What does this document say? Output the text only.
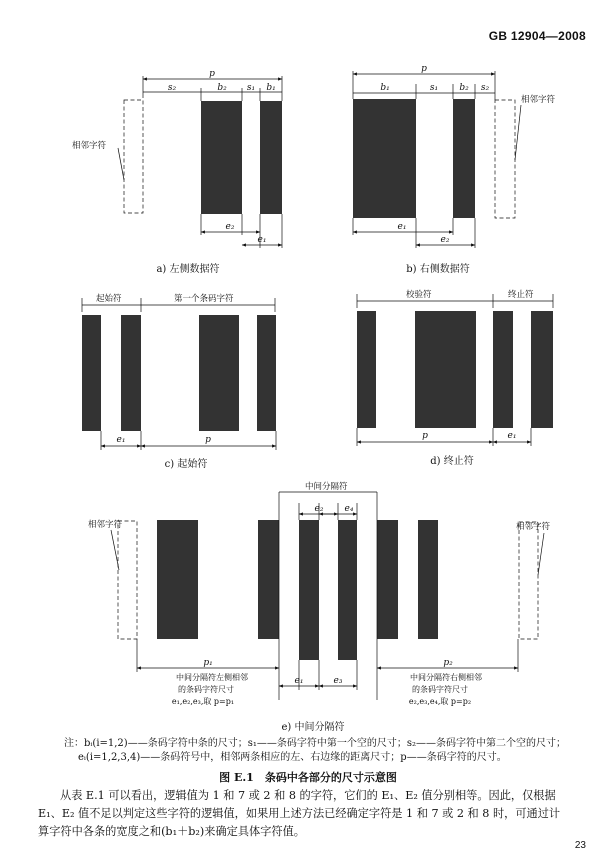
GB 12904—2008
p
s₂	b₂ s₁ b₁
e₂
e₁
p
b₁	s₁ b₂ s₂
e₁
e₂
e₁	p	p	e₁
e₂ e₄
p₁	p₂
e₁	e₃
相邻字符
相邻字符
起始符	第一个条码字符	校验符	终止符
中间分隔符
相邻字符	相邻字符
中间分隔符左侧相邻
的条码字符尺寸
e₁,e₂,e₃,取 p=p₁
中间分隔符右侧相邻
的条码字符尺寸
e₂,e₃,e₄,取 p=p₂
a) 左侧数据符	b) 右侧数据符
c) 起始符	d) 终止符
e) 中间分隔符
注：bᵢ(i=1,2)——条码字符中条的尺寸；s₁——条码字符中第一个空的尺寸；s₂——条码字符中第二个空的尺寸；
eᵢ(i=1,2,3,4)——条码符号中，相邻两条相应的左、右边缘的距离尺寸；p——条码字符的尺寸。
图 E.1　条码中各部分的尺寸示意图
从表 E.1 可以看出，逻辑值为 1 和 7 或 2 和 8 的字符，它们的 E₁、E₂ 值分别相等。因此，仅根据
E₁、E₂ 值不足以判定这些字符的逻辑值，如果用上述方法已经确定字符是 1 和 7 或 2 和 8 时，可通过计
算字符中各条的宽度之和(b₁＋b₂)来确定具体字符值。
23
